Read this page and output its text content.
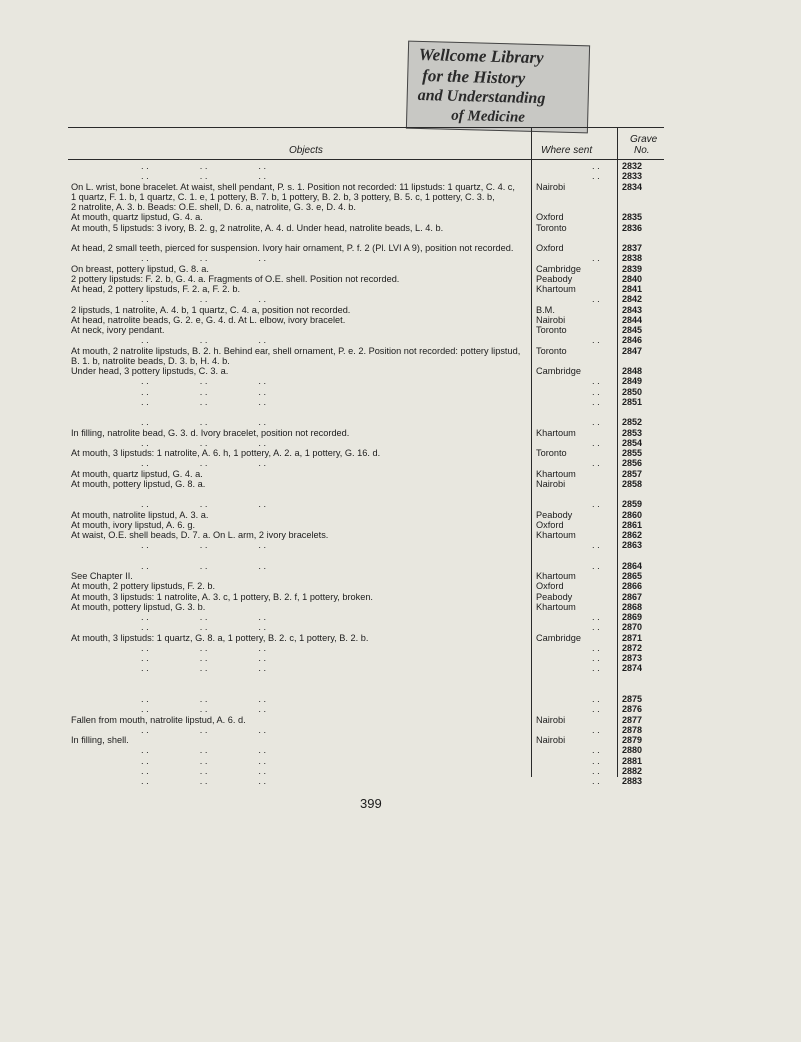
Wellcome Library
for the History
and Understanding
of Medicine
Objects	Where sent
Grave
No.
. .                    . .                    . .	. .	2832
. .                    . .                    . .	. .	2833
On L. wrist, bone bracelet. At waist, shell pendant, P. s. 1. Position not recorded: 11 lipstuds: 1 quartz, C. 4. c,	Nairobi	2834
1 quartz, F. 1. b, 1 quartz, C. 1. e, 1 pottery, B. 7. b, 1 pottery, B. 2. b, 3 pottery, B. 5. c, 1 pottery, C. 3. b,
2 natrolite, A. 3. b. Beads: O.E. shell, D. 6. a, natrolite, G. 3. e, D. 4. b.
At mouth, quartz lipstud, G. 4. a.	Oxford	2835
At mouth, 5 lipstuds: 3 ivory, B. 2. g, 2 natrolite, A. 4. d. Under head, natrolite beads, L. 4. b.	Toronto	2836
At head, 2 small teeth, pierced for suspension. Ivory hair ornament, P. f. 2 (Pl. LVI A 9), position not recorded.	Oxford	2837
. .                    . .                    . .	. .	2838
On breast, pottery lipstud, G. 8. a.	Cambridge	2839
2 pottery lipstuds: F. 2. b, G. 4. a. Fragments of O.E. shell. Position not recorded.	Peabody	2840
At head, 2 pottery lipstuds, F. 2. a, F. 2. b.	Khartoum	2841
. .                    . .                    . .	. .	2842
2 lipstuds, 1 natrolite, A. 4. b, 1 quartz, C. 4. a, position not recorded.	B.M.	2843
At head, natrolite beads, G. 2. e, G. 4. d. At L. elbow, ivory bracelet.	Nairobi	2844
At neck, ivory pendant.	Toronto	2845
. .                    . .                    . .	. .	2846
At mouth, 2 natrolite lipstuds, B. 2. h. Behind ear, shell ornament, P. e. 2. Position not recorded: pottery lipstud,	Toronto	2847
B. 1. b, natrolite beads, D. 3. b, H. 4. b.
Under head, 3 pottery lipstuds, C. 3. a.	Cambridge	2848
. .                    . .                    . .	. .	2849
. .                    . .                    . .	. .	2850
. .                    . .                    . .	. .	2851
. .                    . .                    . .	. .	2852
In filling, natrolite bead, G. 3. d. Ivory bracelet, position not recorded.	Khartoum	2853
. .                    . .                    . .	. .	2854
At mouth, 3 lipstuds: 1 natrolite, A. 6. h, 1 pottery, A. 2. a, 1 pottery, G. 16. d.	Toronto	2855
. .                    . .                    . .	. .	2856
At mouth, quartz lipstud, G. 4. a.	Khartoum	2857
At mouth, pottery lipstud, G. 8. a.	Nairobi	2858
. .                    . .                    . .	. .	2859
At mouth, natrolite lipstud, A. 3. a.	Peabody	2860
At mouth, ivory lipstud, A. 6. g.	Oxford	2861
At waist, O.E. shell beads, D. 7. a. On L. arm, 2 ivory bracelets.	Khartoum	2862
. .                    . .                    . .	. .	2863
. .                    . .                    . .	. .	2864
See Chapter II.	Khartoum	2865
At mouth, 2 pottery lipstuds, F. 2. b.	Oxford	2866
At mouth, 3 lipstuds: 1 natrolite, A. 3. c, 1 pottery, B. 2. f, 1 pottery, broken.	Peabody	2867
At mouth, pottery lipstud, G. 3. b.	Khartoum	2868
. .                    . .                    . .	. .	2869
. .                    . .                    . .	. .	2870
At mouth, 3 lipstuds: 1 quartz, G. 8. a, 1 pottery, B. 2. c, 1 pottery, B. 2. b.	Cambridge	2871
. .                    . .                    . .	. .	2872
. .                    . .                    . .	. .	2873
. .                    . .                    . .	. .	2874
. .                    . .                    . .	. .	2875
. .                    . .                    . .	. .	2876
Fallen from mouth, natrolite lipstud, A. 6. d.	Nairobi	2877
. .                    . .                    . .	. .	2878
In filling, shell.	Nairobi	2879
. .                    . .                    . .	. .	2880
. .                    . .                    . .	. .	2881
. .                    . .                    . .	. .	2882
. .                    . .                    . .	. .	2883
399
